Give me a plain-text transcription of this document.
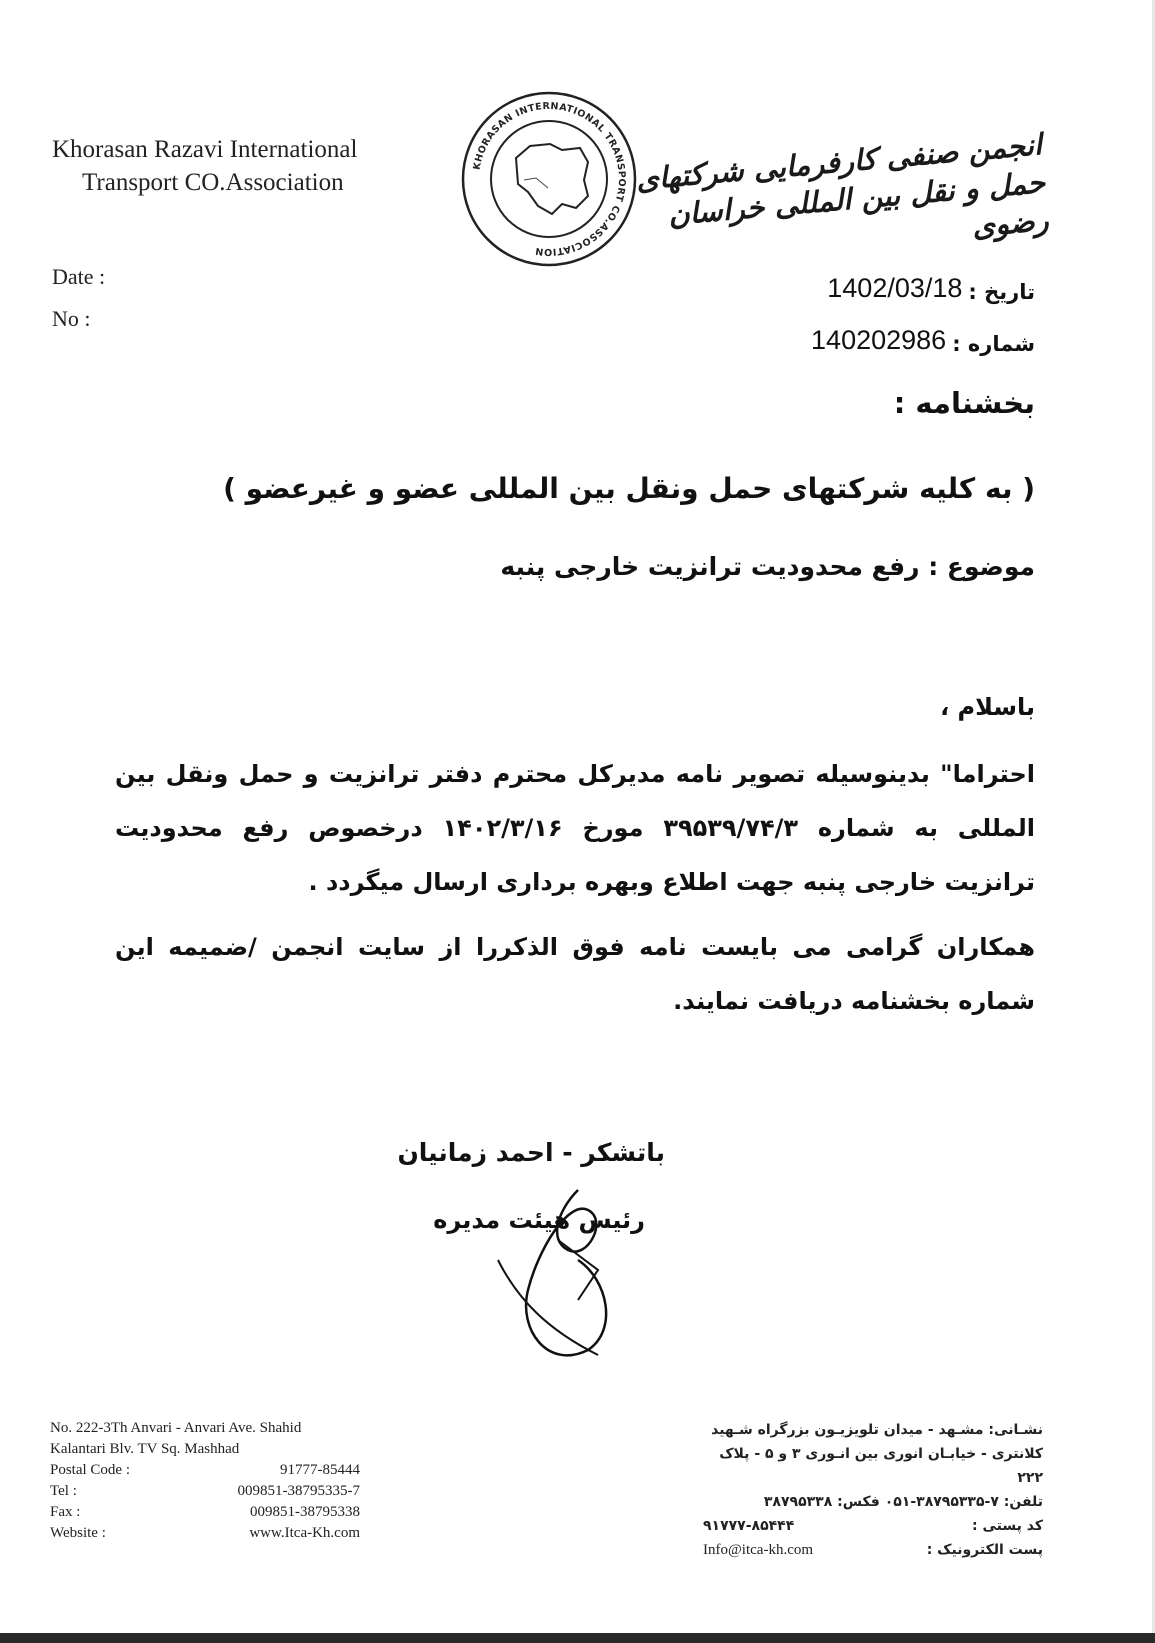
Khorasan Razavi International
Transport CO.Association
KHORASAN INTERNATIONAL TRANSPORT CO.ASSOCIATION
انجمن صنفی کارفرمایی شرکتهای حمل و نقل بین المللی خراسان رضوی
Date :
No :
تاریخ :
1402/03/18
شماره :
140202986
بخشنامه :
( به کلیه شرکتهای حمل ونقل بین المللی عضو و غیرعضو )
موضوع : رفع محدودیت ترانزیت خارجی پنبه
باسلام ،
احتراما" بدینوسیله تصویر نامه مدیرکل محترم دفتر ترانزیت و حمل ونقل بین المللی به شماره ۳۹۵۳۹/۷۴/۳ مورخ ۱۴۰۲/۳/۱۶ درخصوص رفع محدودیت ترانزیت خارجی پنبه جهت اطلاع وبهره برداری ارسال میگردد .
همکاران گرامی می بایست نامه فوق الذکررا از سایت انجمن /ضمیمه این شماره بخشنامه دریافت نمایند.
باتشکر - احمد زمانیان
رئیس هیئت مدیره
No. 222-3Th Anvari - Anvari Ave. Shahid Kalantari Blv. TV Sq. Mashhad
Postal Code :	91777-85444
Tel :	009851-38795335-7
Fax :	009851-38795338
Website :	www.Itca-Kh.com
نشـانی: مشـهد - میدان تلویزیـون بزرگراه شـهید
کلانتری - خیابـان انوری بین انـوری ۳ و ۵ - پلاک ۲۲۲
تلفن: ۷-۳۸۷۹۵۳۳۵-۰۵۱ فکس: ۳۸۷۹۵۳۳۸
کد پستی :
۹۱۷۷۷-۸۵۴۴۴
پست الکترونیک :
Info@itca-kh.com
